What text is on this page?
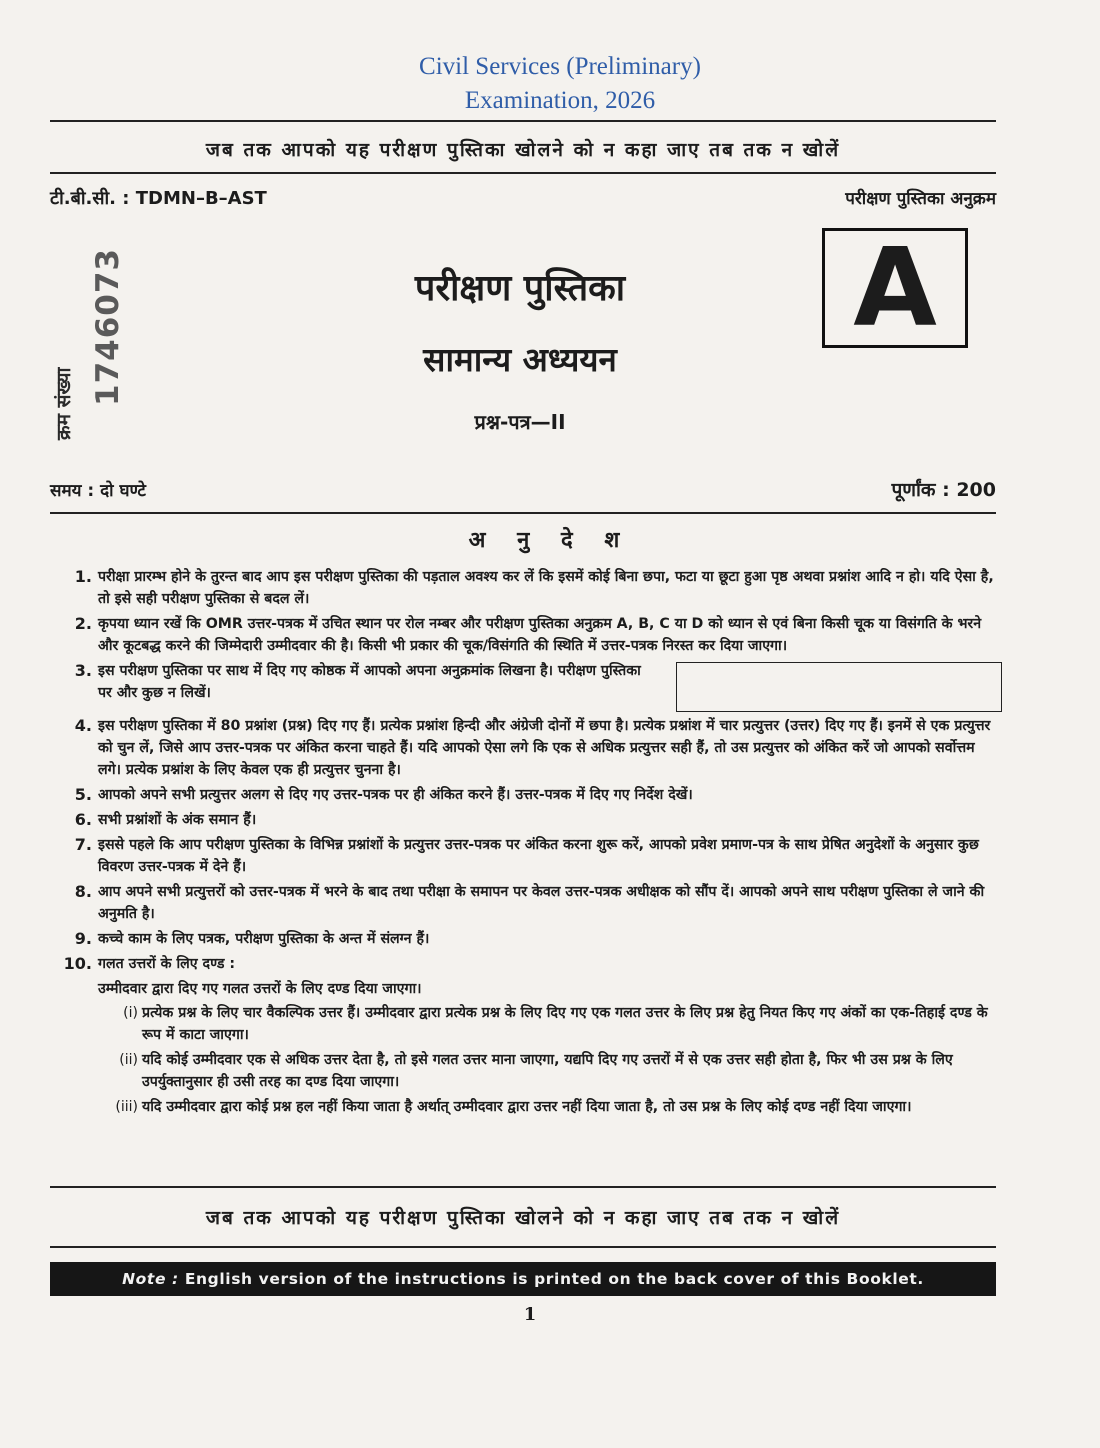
Civil Services (Preliminary)
Examination, 2026
जब तक आपको यह परीक्षण पुस्तिका खोलने को न कहा जाए तब तक न खोलें
टी.बी.सी. : TDMN–B–AST	परीक्षण पुस्तिका अनुक्रम
A
क्रम संख्या 1746073	परीक्षण पुस्तिका
सामान्य अध्ययन
प्रश्न-पत्र—II
समय : दो घण्टे	पूर्णांक : 200
अ नु दे श
1. परीक्षा प्रारम्भ होने के तुरन्त बाद आप इस परीक्षण पुस्तिका की पड़ताल अवश्य कर लें कि इसमें कोई बिना छपा, फटा या छूटा हुआ पृष्ठ अथवा प्रश्नांश आदि न हो। यदि ऐसा है, तो इसे सही परीक्षण पुस्तिका से बदल लें।
2. कृपया ध्यान रखें कि OMR उत्तर-पत्रक में उचित स्थान पर रोल नम्बर और परीक्षण पुस्तिका अनुक्रम A, B, C या D को ध्यान से एवं बिना किसी चूक या विसंगति के भरने और कूटबद्ध करने की जिम्मेदारी उम्मीदवार की है। किसी भी प्रकार की चूक/विसंगति की स्थिति में उत्तर-पत्रक निरस्त कर दिया जाएगा।
3. इस परीक्षण पुस्तिका पर साथ में दिए गए कोष्ठक में आपको अपना अनुक्रमांक लिखना है। परीक्षण पुस्तिका पर और कुछ न लिखें।
4. इस परीक्षण पुस्तिका में 80 प्रश्नांश (प्रश्न) दिए गए हैं। प्रत्येक प्रश्नांश हिन्दी और अंग्रेजी दोनों में छपा है। प्रत्येक प्रश्नांश में चार प्रत्युत्तर (उत्तर) दिए गए हैं। इनमें से एक प्रत्युत्तर को चुन लें, जिसे आप उत्तर-पत्रक पर अंकित करना चाहते हैं। यदि आपको ऐसा लगे कि एक से अधिक प्रत्युत्तर सही हैं, तो उस प्रत्युत्तर को अंकित करें जो आपको सर्वोत्तम लगे। प्रत्येक प्रश्नांश के लिए केवल एक ही प्रत्युत्तर चुनना है।
5. आपको अपने सभी प्रत्युत्तर अलग से दिए गए उत्तर-पत्रक पर ही अंकित करने हैं। उत्तर-पत्रक में दिए गए निर्देश देखें।
6. सभी प्रश्नांशों के अंक समान हैं।
7. इससे पहले कि आप परीक्षण पुस्तिका के विभिन्न प्रश्नांशों के प्रत्युत्तर उत्तर-पत्रक पर अंकित करना शुरू करें, आपको प्रवेश प्रमाण-पत्र के साथ प्रेषित अनुदेशों के अनुसार कुछ विवरण उत्तर-पत्रक में देने हैं।
8. आप अपने सभी प्रत्युत्तरों को उत्तर-पत्रक में भरने के बाद तथा परीक्षा के समापन पर केवल उत्तर-पत्रक अधीक्षक को सौंप दें। आपको अपने साथ परीक्षण पुस्तिका ले जाने की अनुमति है।
9. कच्चे काम के लिए पत्रक, परीक्षण पुस्तिका के अन्त में संलग्न हैं।
10. गलत उत्तरों के लिए दण्ड :
उम्मीदवार द्वारा दिए गए गलत उत्तरों के लिए दण्ड दिया जाएगा।
(i) प्रत्येक प्रश्न के लिए चार वैकल्पिक उत्तर हैं। उम्मीदवार द्वारा प्रत्येक प्रश्न के लिए दिए गए एक गलत उत्तर के लिए प्रश्न हेतु नियत किए गए अंकों का एक-तिहाई दण्ड के रूप में काटा जाएगा।
(ii) यदि कोई उम्मीदवार एक से अधिक उत्तर देता है, तो इसे गलत उत्तर माना जाएगा, यद्यपि दिए गए उत्तरों में से एक उत्तर सही होता है, फिर भी उस प्रश्न के लिए उपर्युक्तानुसार ही उसी तरह का दण्ड दिया जाएगा।
(iii) यदि उम्मीदवार द्वारा कोई प्रश्न हल नहीं किया जाता है अर्थात् उम्मीदवार द्वारा उत्तर नहीं दिया जाता है, तो उस प्रश्न के लिए कोई दण्ड नहीं दिया जाएगा।
जब तक आपको यह परीक्षण पुस्तिका खोलने को न कहा जाए तब तक न खोलें
Note : English version of the instructions is printed on the back cover of this Booklet.
1
